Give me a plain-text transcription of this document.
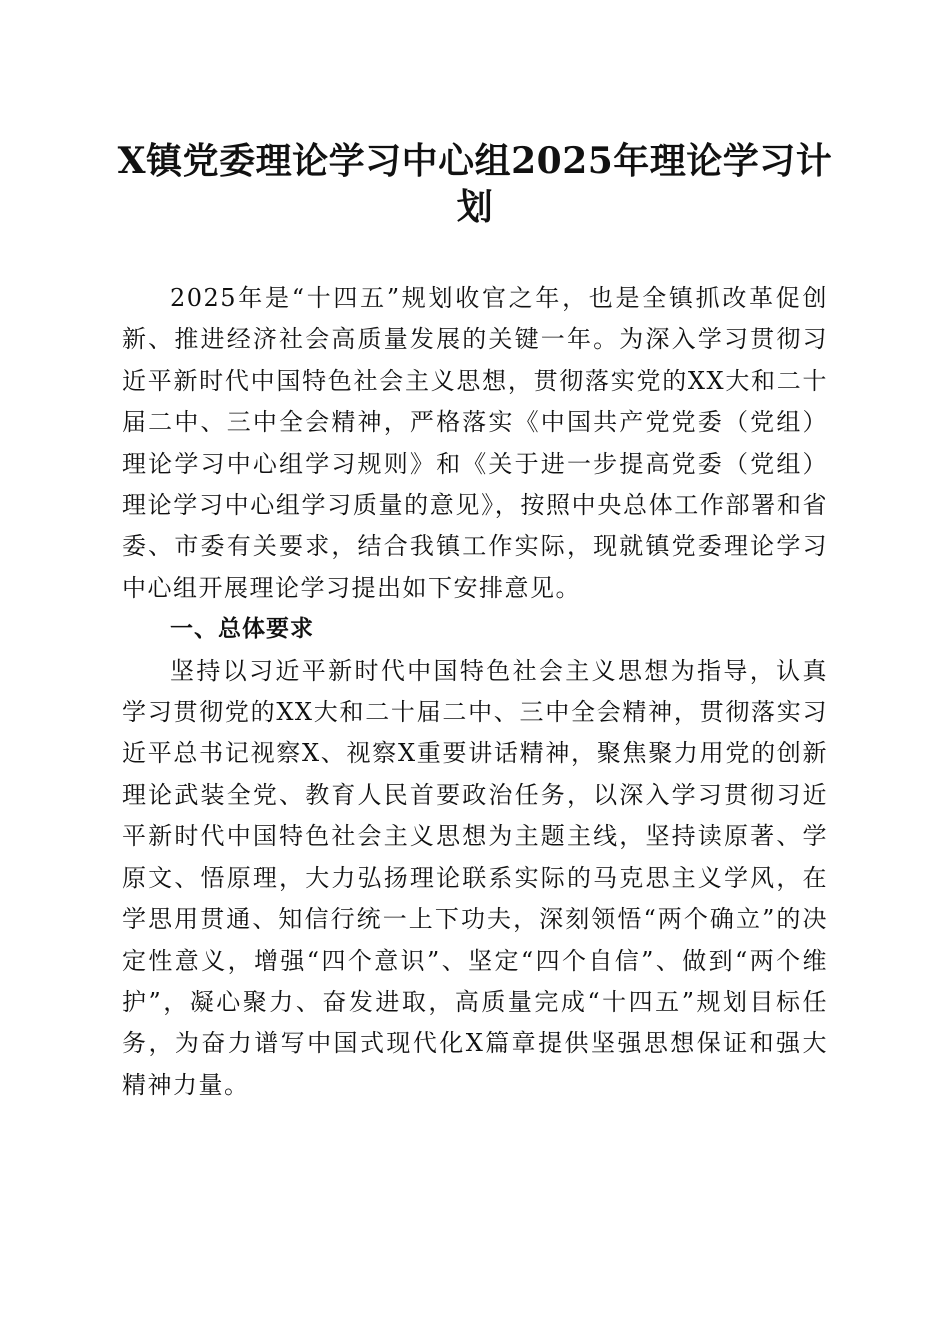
X镇党委理论学习中心组2025年理论学习计划

2025年是“十四五”规划收官之年，也是全镇抓改革促创新、推进经济社会高质量发展的关键一年。为深入学习贯彻习近平新时代中国特色社会主义思想，贯彻落实党的XX大和二十届二中、三中全会精神，严格落实《中国共产党党委（党组）理论学习中心组学习规则》和《关于进一步提高党委（党组）理论学习中心组学习质量的意见》，按照中央总体工作部署和省委、市委有关要求，结合我镇工作实际，现就镇党委理论学习中心组开展理论学习提出如下安排意见。

一、总体要求

坚持以习近平新时代中国特色社会主义思想为指导，认真学习贯彻党的XX大和二十届二中、三中全会精神，贯彻落实习近平总书记视察X、视察X重要讲话精神，聚焦聚力用党的创新理论武装全党、教育人民首要政治任务，以深入学习贯彻习近平新时代中国特色社会主义思想为主题主线，坚持读原著、学原文、悟原理，大力弘扬理论联系实际的马克思主义学风，在学思用贯通、知信行统一上下功夫，深刻领悟“两个确立”的决定性意义，增强“四个意识”、坚定“四个自信”、做到“两个维护”，凝心聚力、奋发进取，高质量完成“十四五”规划目标任务，为奋力谱写中国式现代化X篇章提供坚强思想保证和强大精神力量。
